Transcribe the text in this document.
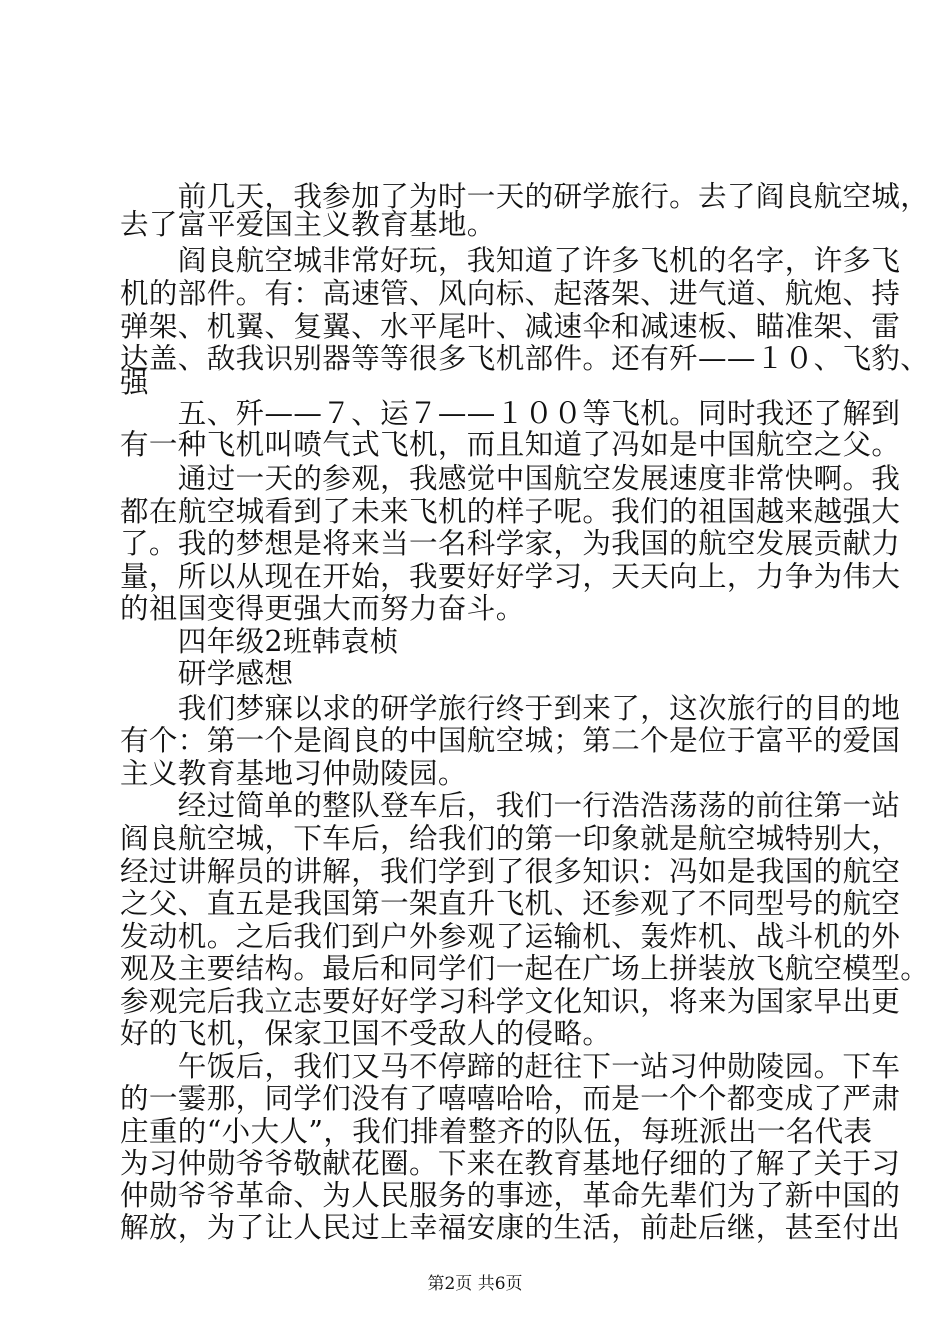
　　前几天，我参加了为时一天的研学旅行。去了阎良航空城，
去了富平爱国主义教育基地。
　　阎良航空城非常好玩，我知道了许多飞机的名字，许多飞
机的部件。有：高速管、风向标、起落架、进气道、航炮、持
弹架、机翼、复翼、水平尾叶、减速伞和减速板、瞄准架、雷
达盖、敌我识别器等等很多飞机部件。还有歼——１０、飞豹、
强
　　五、歼——７、运７——１００等飞机。同时我还了解到
有一种飞机叫喷气式飞机，而且知道了冯如是中国航空之父。
　　通过一天的参观，我感觉中国航空发展速度非常快啊。我
都在航空城看到了未来飞机的样子呢。我们的祖国越来越强大
了。我的梦想是将来当一名科学家，为我国的航空发展贡献力
量，所以从现在开始，我要好好学习，天天向上，力争为伟大
的祖国变得更强大而努力奋斗。
　　四年级2班韩袁桢
　　研学感想
　　我们梦寐以求的研学旅行终于到来了，这次旅行的目的地
有个：第一个是阎良的中国航空城；第二个是位于富平的爱国
主义教育基地习仲勋陵园。
　　经过简单的整队登车后，我们一行浩浩荡荡的前往第一站
阎良航空城，下车后，给我们的第一印象就是航空城特别大，
经过讲解员的讲解，我们学到了很多知识：冯如是我国的航空
之父、直五是我国第一架直升飞机、还参观了不同型号的航空
发动机。之后我们到户外参观了运输机、轰炸机、战斗机的外
观及主要结构。最后和同学们一起在广场上拼装放飞航空模型。
参观完后我立志要好好学习科学文化知识，将来为国家早出更
好的飞机，保家卫国不受敌人的侵略。
　　午饭后，我们又马不停蹄的赶往下一站习仲勋陵园。下车
的一霎那，同学们没有了嘻嘻哈哈，而是一个个都变成了严肃
庄重的“小大人”，我们排着整齐的队伍，每班派出一名代表
为习仲勋爷爷敬献花圈。下来在教育基地仔细的了解了关于习
仲勋爷爷革命、为人民服务的事迹，革命先辈们为了新中国的
解放，为了让人民过上幸福安康的生活，前赴后继，甚至付出
第2页 共6页
